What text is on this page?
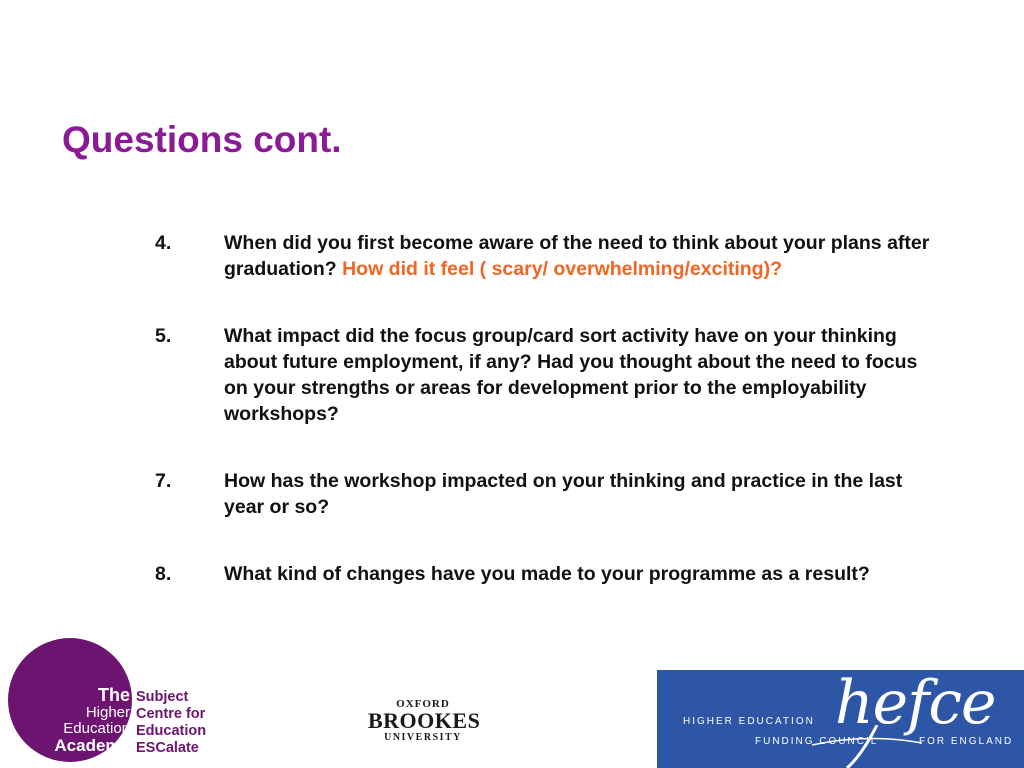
Questions cont.
4.	When did you first become aware of the need to think about your plans after graduation? How did it feel ( scary/ overwhelming/exciting)?
5.	What impact did the focus group/card sort activity have on your thinking about future employment, if any? Had you thought about the need to focus on your strengths or areas for development prior to the employability workshops?
7.	How has the workshop impacted on your thinking and practice in the last year or so?
8.	What kind of changes have you made to your programme as a result?
The
Higher
Education
Academy
Subject
Centre for
Education
ESCalate
OXFORD
BROOKES
UNIVERSITY
HIGHER EDUCATION hefce
FUNDING COUNCIL	FOR ENGLAND
